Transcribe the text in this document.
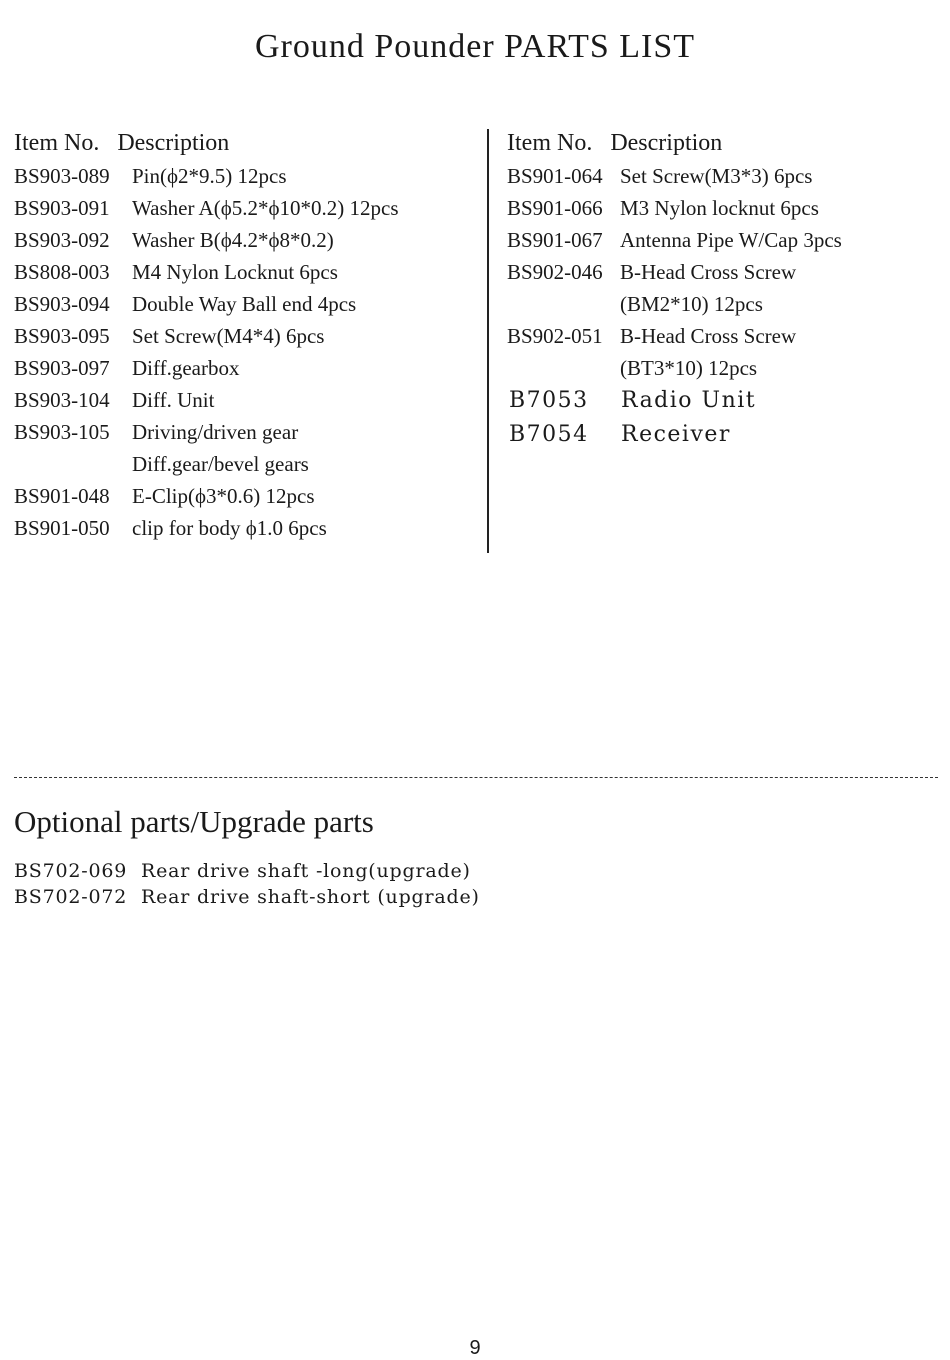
Ground Pounder PARTS LIST
Item No.   Description
BS903-089 Pin(ϕ2*9.5) 12pcs
BS903-091 Washer A(ϕ5.2*ϕ10*0.2) 12pcs
BS903-092 Washer B(ϕ4.2*ϕ8*0.2)
BS808-003 M4 Nylon Locknut 6pcs
BS903-094 Double Way Ball end 4pcs
BS903-095 Set Screw(M4*4) 6pcs
BS903-097 Diff.gearbox
BS903-104 Diff. Unit
BS903-105 Driving/driven gear
Diff.gear/bevel gears
BS901-048 E-Clip(ϕ3*0.6) 12pcs
BS901-050 clip for body ϕ1.0 6pcs
Item No.   Description
BS901-064 Set Screw(M3*3) 6pcs
BS901-066 M3 Nylon locknut 6pcs
BS901-067 Antenna Pipe W/Cap 3pcs
BS902-046 B-Head Cross Screw
(BM2*10) 12pcs
BS902-051 B-Head Cross Screw
(BT3*10) 12pcs
B7053 Radio Unit
B7054 Receiver
Optional parts/Upgrade parts
BS702-069 Rear drive shaft -long(upgrade)
BS702-072 Rear drive shaft-short (upgrade)
9
